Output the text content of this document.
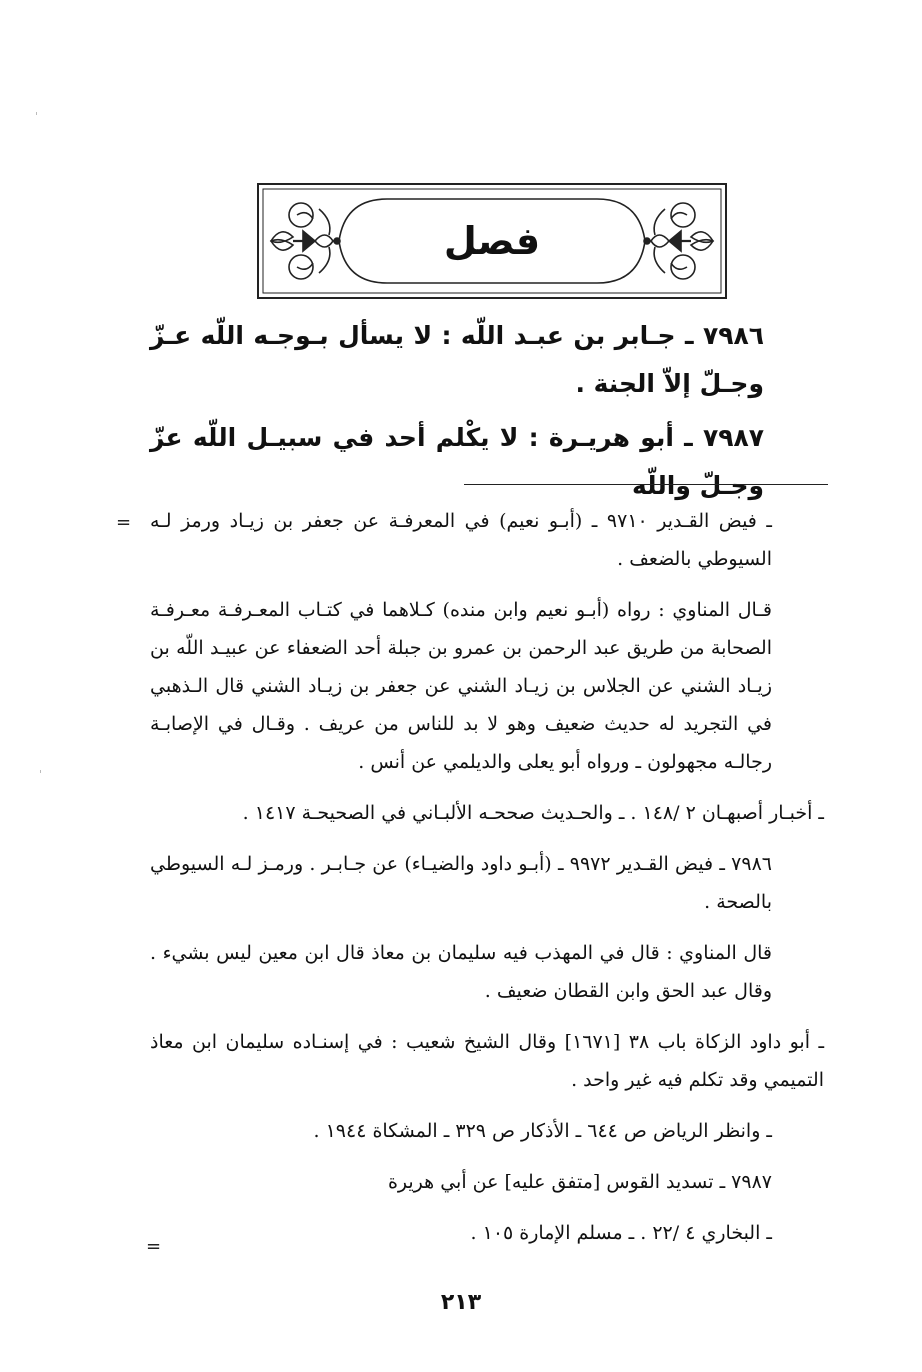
فصل

٧٩٨٦ ـ جـابر بن عبـد اللّه : لا يسأل بـوجـه اللّه عـزّ وجـلّ إلاّ الجنة .

٧٩٨٧ ـ أبو هريـرة : لا يكْلم أحد في سبيـل اللّه عزّ وجـلّ واللّه

= ـ فيض القـدير ٩٧١٠ ـ (أبـو نعيم) في المعرفـة عن جعفر بن زيـاد ورمز لـه السيوطي بالضعف .

قـال المناوي : رواه (أبـو نعيم وابن منده) كـلاهما في كتـاب المعـرفـة معـرفـة الصحابة من طريق عبد الرحمن بن عمرو بن جبلة أحد الضعفاء عن عبيـد اللّه بن زيـاد الشني عن الجلاس بن زيـاد الشني عن جعفر بن زيـاد الشني قال الـذهبي في التجريد له حديث ضعيف وهو لا بد للناس من عريف . وقـال في الإصابـة رجالـه مجهولون ـ ورواه أبو يعلى والديلمي عن أنس .

ـ أخبـار أصبهـان ٢ /١٤٨ . ـ والحـديث صححـه الألبـاني في الصحيحـة ١٤١٧ .

٧٩٨٦ ـ فيض القـدير ٩٩٧٢ ـ (أبـو داود والضيـاء) عن جـابـر . ورمـز لـه السيوطي بالصحة .

قال المناوي : قال في المهذب فيه سليمان بن معاذ قال ابن معين ليس بشيء . وقال عبد الحق وابن القطان ضعيف .

ـ أبو داود الزكاة باب ٣٨ [١٦٧١] وقال الشيخ شعيب : في إسنـاده سليمان ابن معاذ التميمي وقد تكلم فيه غير واحد .

ـ وانظر الرياض ص ٦٤٤ ـ الأذكار ص ٣٢٩ ـ المشكاة ١٩٤٤ .

٧٩٨٧ ـ تسديد القوس [متفق عليه] عن أبي هريرة

ـ البخاري ٤ /٢٢ . ـ مسلم الإمارة ١٠٥ .

=
٢١٣
